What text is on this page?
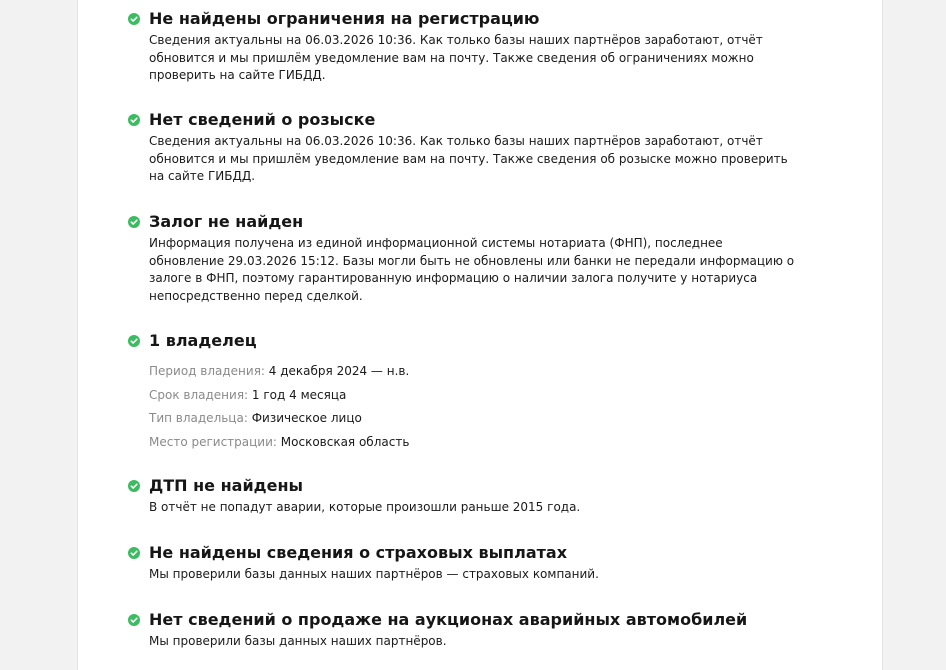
Не найдены ограничения на регистрацию
Сведения актуальны на 06.03.2026 10:36. Как только базы наших партнёров заработают, отчёт
обновится и мы пришлём уведомление вам на почту. Также сведения об ограничениях можно
проверить на сайте ГИБДД.
Нет сведений о розыске
Сведения актуальны на 06.03.2026 10:36. Как только базы наших партнёров заработают, отчёт
обновится и мы пришлём уведомление вам на почту. Также сведения об розыске можно проверить
на сайте ГИБДД.
Залог не найден
Информация получена из единой информационной системы нотариата (ФНП), последнее
обновление 29.03.2026 15:12. Базы могли быть не обновлены или банки не передали информацию о
залоге в ФНП, поэтому гарантированную информацию о наличии залога получите у нотариуса
непосредственно перед сделкой.
1 владелец
Период владения: 4 декабря 2024 — н.в.
Срок владения: 1 год 4 месяца
Тип владельца: Физическое лицо
Место регистрации: Московская область
ДТП не найдены
В отчёт не попадут аварии, которые произошли раньше 2015 года.
Не найдены сведения о страховых выплатах
Мы проверили базы данных наших партнёров — страховых компаний.
Нет сведений о продаже на аукционах аварийных автомобилей
Мы проверили базы данных наших партнёров.
